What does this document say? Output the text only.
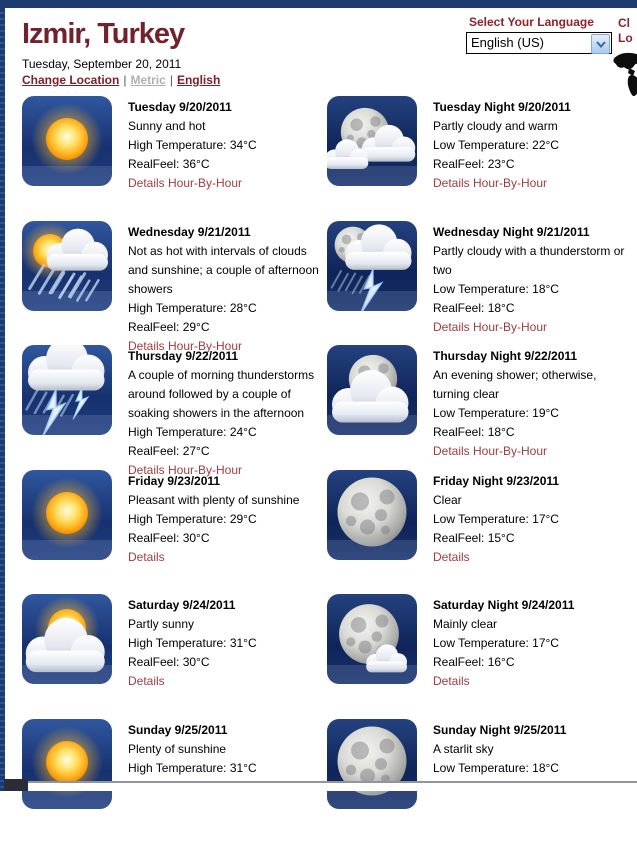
Izmir, Turkey
Tuesday, September 20, 2011
Change Location | Metric | English
Select Your Language
English (US)
Cl
Lo
Tuesday 9/20/2011
Sunny and hot
High Temperature: 34°C
RealFeel: 36°C
Details Hour-By-Hour
Tuesday Night 9/20/2011
Partly cloudy and warm
Low Temperature: 22°C
RealFeel: 23°C
Details Hour-By-Hour
Wednesday 9/21/2011
Not as hot with intervals of clouds and sunshine; a couple of afternoon showers
High Temperature: 28°C
RealFeel: 29°C
Details Hour-By-Hour
Wednesday Night 9/21/2011
Partly cloudy with a thunderstorm or two
Low Temperature: 18°C
RealFeel: 18°C
Details Hour-By-Hour
Thursday 9/22/2011
A couple of morning thunderstorms around followed by a couple of soaking showers in the afternoon
High Temperature: 24°C
RealFeel: 27°C
Details Hour-By-Hour
Thursday Night 9/22/2011
An evening shower; otherwise, turning clear
Low Temperature: 19°C
RealFeel: 18°C
Details Hour-By-Hour
Friday 9/23/2011
Pleasant with plenty of sunshine
High Temperature: 29°C
RealFeel: 30°C
Details
Friday Night 9/23/2011
Clear
Low Temperature: 17°C
RealFeel: 15°C
Details
Saturday 9/24/2011
Partly sunny
High Temperature: 31°C
RealFeel: 30°C
Details
Saturday Night 9/24/2011
Mainly clear
Low Temperature: 17°C
RealFeel: 16°C
Details
Sunday 9/25/2011
Plenty of sunshine
High Temperature: 31°C
Sunday Night 9/25/2011
A starlit sky
Low Temperature: 18°C
